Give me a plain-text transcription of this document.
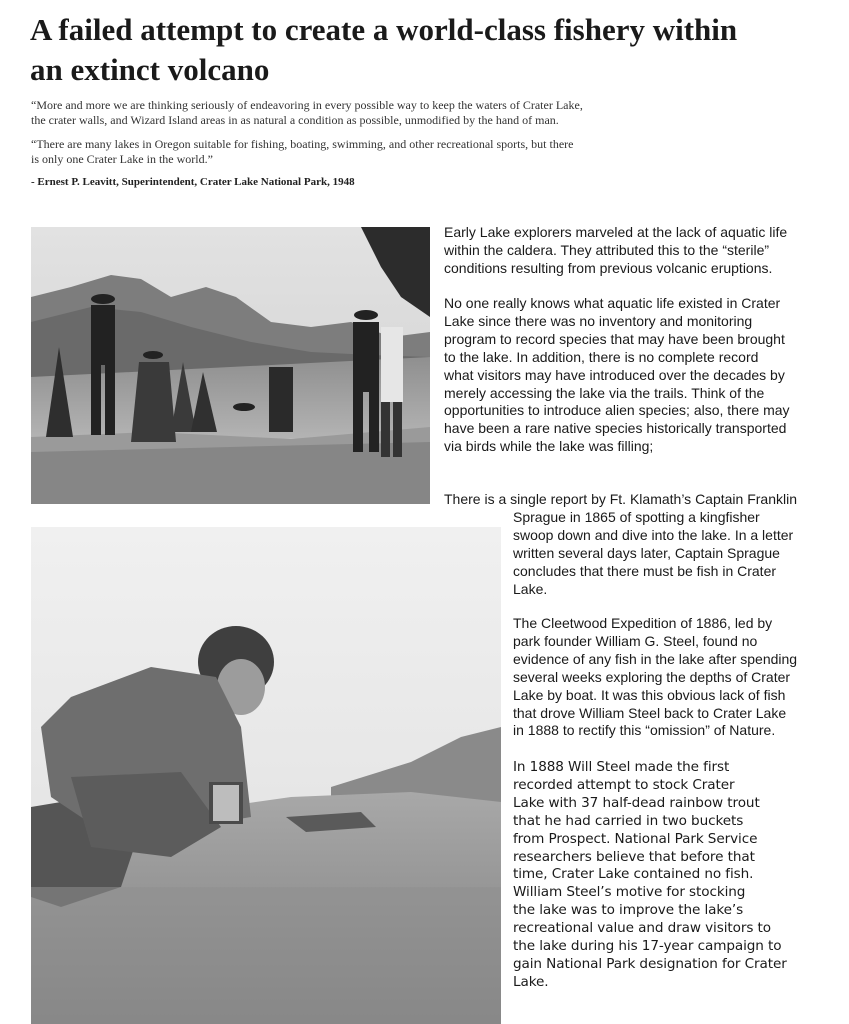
A failed attempt to create a world-class fishery within
an extinct volcano

“More and more we are thinking seriously of endeavoring in every possible way to keep the waters of Crater Lake,
the crater walls, and Wizard Island areas in as natural a condition as possible, unmodified by the hand of man.

“There are many lakes in Oregon suitable for fishing, boating, swimming, and other recreational sports, but there
is only one Crater Lake in the world.”

- Ernest P. Leavitt, Superintendent, Crater Lake National Park, 1948

Early Lake explorers marveled at the lack of aquatic life
within the caldera. They attributed this to the “sterile”
conditions resulting from previous volcanic eruptions.
No one really knows what aquatic life existed in Crater
Lake since there was no inventory and monitoring
program to record species that may have been brought
to the lake. In addition, there is no complete record
what visitors may have introduced over the decades by
merely accessing the lake via the trails. Think of the
opportunities to introduce alien species; also, there may
have been a rare native species historically transported
via birds while the lake was filling;
There is a single report by Ft. Klamath’s Captain Franklin
Sprague in 1865 of spotting a kingfisher
swoop down and dive into the lake. In a letter
written several days later, Captain Sprague
concludes that there must be fish in Crater
Lake.
The Cleetwood Expedition of 1886, led by
park founder William G. Steel, found no
evidence of any fish in the lake after spending
several weeks exploring the depths of Crater
Lake by boat. It was this obvious lack of fish
that drove William Steel back to Crater Lake
in 1888 to rectify this “omission” of Nature.
In 1888 Will Steel made the first
recorded attempt to stock Crater
Lake with 37 half-dead rainbow trout
that he had carried in two buckets
from Prospect. National Park Service
researchers believe that before that
time, Crater Lake contained no fish.
William Steel’s motive for stocking
the lake was to improve the lake’s
recreational value and draw visitors to
the lake during his 17-year campaign to
gain National Park designation for Crater
Lake.
